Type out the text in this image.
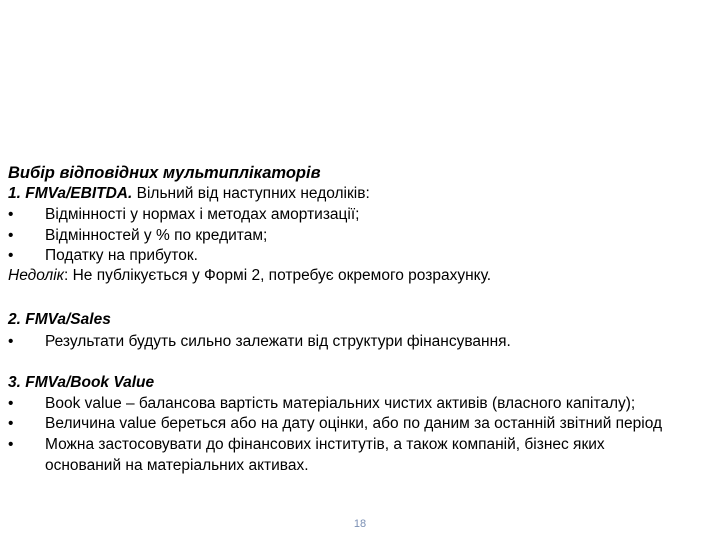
Вибір відповідних мультиплікаторів
1. FMVa/EBITDA. Вільний від наступних недоліків:
• Відмінності у нормах і методах амортизації;
• Відмінностей у % по кредитам;
• Податку на прибуток.
Недолік: Не публікується у Формі 2, потребує окремого розрахунку.
2. FMVa/Sales
• Результати будуть сильно залежати від структури фінансування.
3. FMVa/Book Value
• Book value – балансова вартість матеріальних чистих активів (власного капіталу);
• Величина value береться або на дату оцінки, або по даним за останній звітний період
• Можна застосовувати до фінансових інститутів, а також компаній, бізнес яких
оснований на матеріальних активах.
18
